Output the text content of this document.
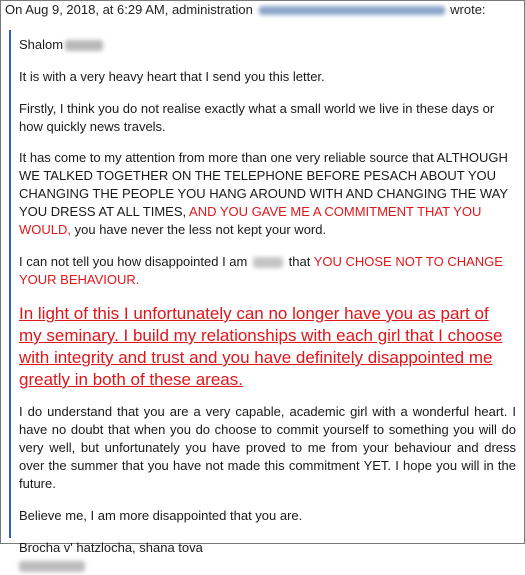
On Aug 9, 2018, at 6:29 AM, administration	wrote:

Shalom

It is with a very heavy heart that I send you this letter.

Firstly, I think you do not realise exactly what a small world we live in these days or how quickly news travels.

It has come to my attention from more than one very reliable source that ALTHOUGH WE TALKED TOGETHER ON THE TELEPHONE BEFORE PESACH ABOUT YOU CHANGING THE PEOPLE YOU HANG AROUND WITH AND CHANGING THE WAY YOU DRESS AT ALL TIMES, AND YOU GAVE ME A COMMITMENT THAT YOU WOULD, you have never the less not kept your word.

I can not tell you how disappointed I am	that YOU CHOSE NOT TO CHANGE YOUR BEHAVIOUR.

In light of this I unfortunately can no longer have you as part of my seminary. I build my relationships with each girl that I choose with integrity and trust and you have definitely disappointed me greatly in both of these areas.

I do understand that you are a very capable, academic girl with a wonderful heart. I have no doubt that when you do choose to commit yourself to something you will do very well, but unfortunately you have proved to me from your behaviour and dress over the summer that you have not made this commitment YET. I hope you will in the future.

Believe me, I am more disappointed that you are.

Brocha v' hatzlocha, shana tova
